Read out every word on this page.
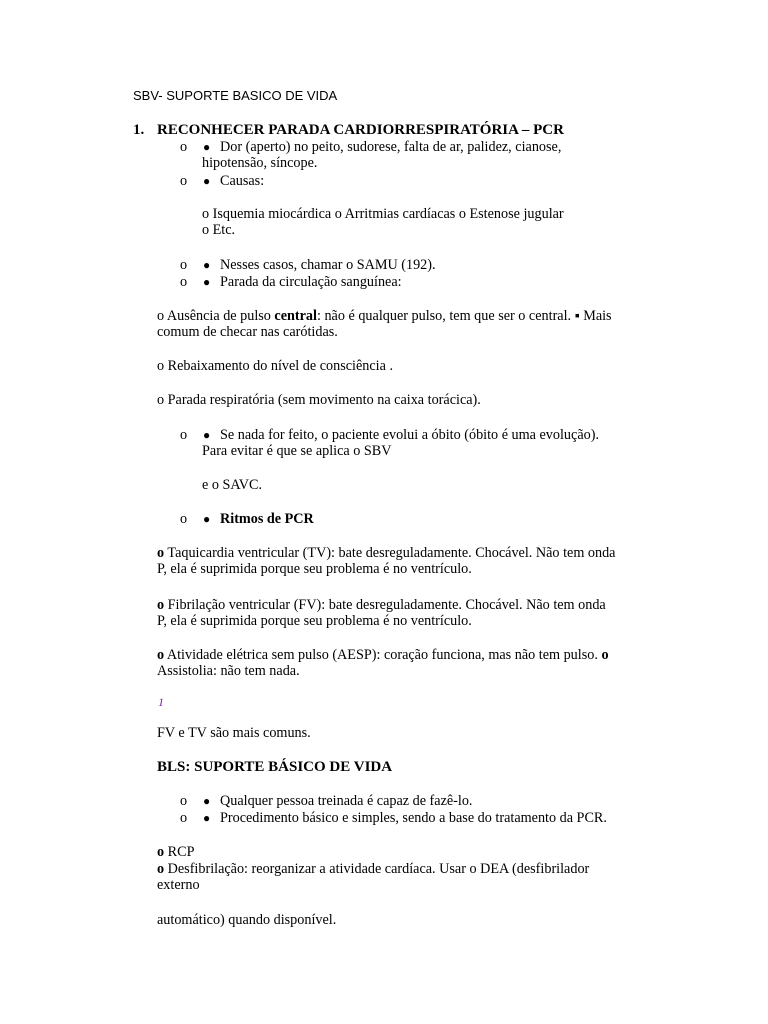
SBV- SUPORTE BASICO DE VIDA
1. RECONHECER PARADA CARDIORRESPIRATÓRIA – PCR
o ● Dor (aperto) no peito, sudorese, falta de ar, palidez, cianose,
hipotensão, síncope.
o ● Causas:
o Isquemia miocárdica o Arritmias cardíacas o Estenose jugular
o Etc.
o ● Nesses casos, chamar o SAMU (192).
o ● Parada da circulação sanguínea:
o Ausência de pulso central: não é qualquer pulso, tem que ser o central. ▪ Mais
comum de checar nas carótidas.
o Rebaixamento do nível de consciência .
o Parada respiratória (sem movimento na caixa torácica).
o ● Se nada for feito, o paciente evolui a óbito (óbito é uma evolução).
Para evitar é que se aplica o SBV
e o SAVC.
o ● Ritmos de PCR
o Taquicardia ventricular (TV): bate desreguladamente. Chocável. Não tem onda
P, ela é suprimida porque seu problema é no ventrículo.
o Fibrilação ventricular (FV): bate desreguladamente. Chocável. Não tem onda
P, ela é suprimida porque seu problema é no ventrículo.
o Atividade elétrica sem pulso (AESP): coração funciona, mas não tem pulso. o
Assistolia: não tem nada.
1
FV e TV são mais comuns.
BLS: SUPORTE BÁSICO DE VIDA
o ● Qualquer pessoa treinada é capaz de fazê-lo.
o ● Procedimento básico e simples, sendo a base do tratamento da PCR.
o RCP
o Desfibrilação: reorganizar a atividade cardíaca. Usar o DEA (desfibrilador
externo
automático) quando disponível.
